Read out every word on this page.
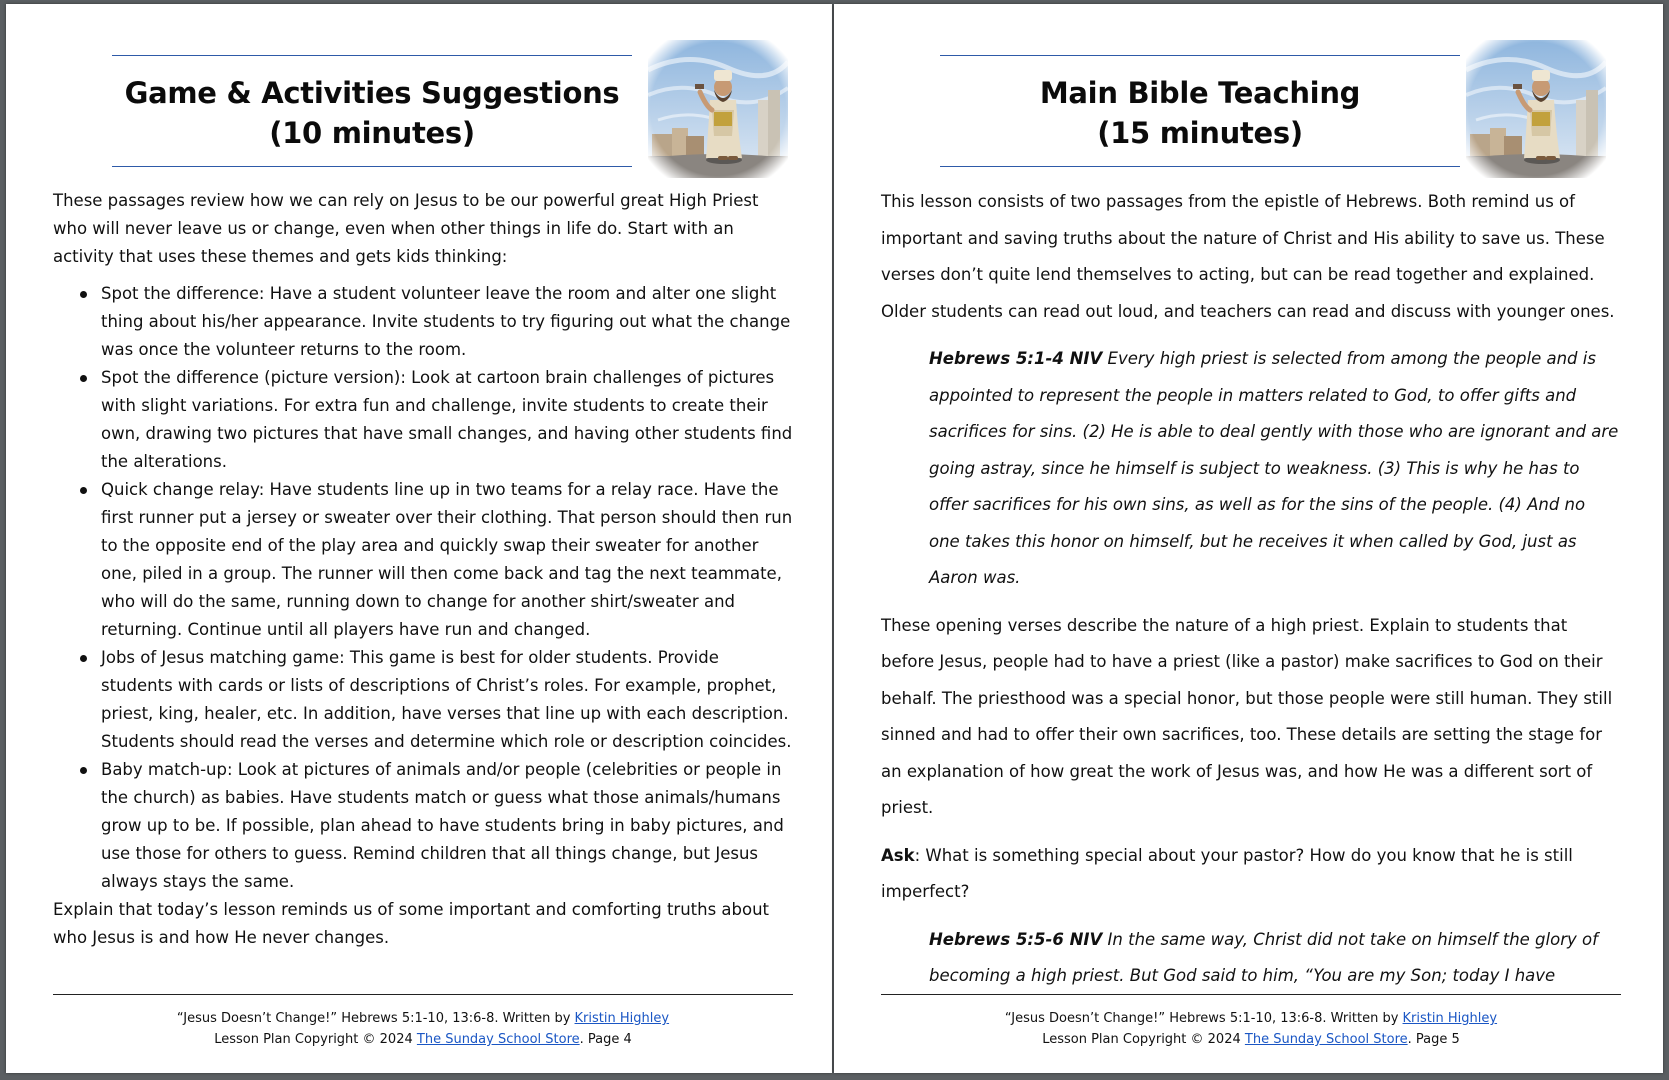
Game & Activities Suggestions
(10 minutes)

These passages review how we can rely on Jesus to be our powerful great High Priest who will never leave us or change, even when other things in life do. Start with an activity that uses these themes and gets kids thinking:

Spot the difference: Have a student volunteer leave the room and alter one slight thing about his/her appearance. Invite students to try figuring out what the change was once the volunteer returns to the room.
Spot the difference (picture version): Look at cartoon brain challenges of pictures with slight variations. For extra fun and challenge, invite students to create their own, drawing two pictures that have small changes, and having other students find the alterations.
Quick change relay: Have students line up in two teams for a relay race. Have the first runner put a jersey or sweater over their clothing. That person should then run to the opposite end of the play area and quickly swap their sweater for another one, piled in a group. The runner will then come back and tag the next teammate, who will do the same, running down to change for another shirt/sweater and returning. Continue until all players have run and changed.
Jobs of Jesus matching game: This game is best for older students. Provide students with cards or lists of descriptions of Christ’s roles. For example, prophet, priest, king, healer, etc. In addition, have verses that line up with each description. Students should read the verses and determine which role or description coincides.
Baby match-up: Look at pictures of animals and/or people (celebrities or people in the church) as babies. Have students match or guess what those animals/humans grow up to be. If possible, plan ahead to have students bring in baby pictures, and use those for others to guess. Remind children that all things change, but Jesus always stays the same.

Explain that today’s lesson reminds us of some important and comforting truths about who Jesus is and how He never changes.

“Jesus Doesn’t Change!” Hebrews 5:1-10, 13:6-8. Written by Kristin Highley
Lesson Plan Copyright © 2024 The Sunday School Store. Page 4
Main Bible Teaching
(15 minutes)

This lesson consists of two passages from the epistle of Hebrews. Both remind us of important and saving truths about the nature of Christ and His ability to save us. These verses don’t quite lend themselves to acting, but can be read together and explained. Older students can read out loud, and teachers can read and discuss with younger ones.

Hebrews 5:1-4 NIV Every high priest is selected from among the people and is appointed to represent the people in matters related to God, to offer gifts and sacrifices for sins. (2) He is able to deal gently with those who are ignorant and are going astray, since he himself is subject to weakness. (3) This is why he has to offer sacrifices for his own sins, as well as for the sins of the people. (4) And no one takes this honor on himself, but he receives it when called by God, just as Aaron was.

These opening verses describe the nature of a high priest. Explain to students that before Jesus, people had to have a priest (like a pastor) make sacrifices to God on their behalf. The priesthood was a special honor, but those people were still human. They still sinned and had to offer their own sacrifices, too. These details are setting the stage for an explanation of how great the work of Jesus was, and how He was a different sort of priest.

Ask: What is something special about your pastor? How do you know that he is still imperfect?

Hebrews 5:5-6 NIV In the same way, Christ did not take on himself the glory of becoming a high priest. But God said to him, “You are my Son; today I have

“Jesus Doesn’t Change!” Hebrews 5:1-10, 13:6-8. Written by Kristin Highley
Lesson Plan Copyright © 2024 The Sunday School Store. Page 5
